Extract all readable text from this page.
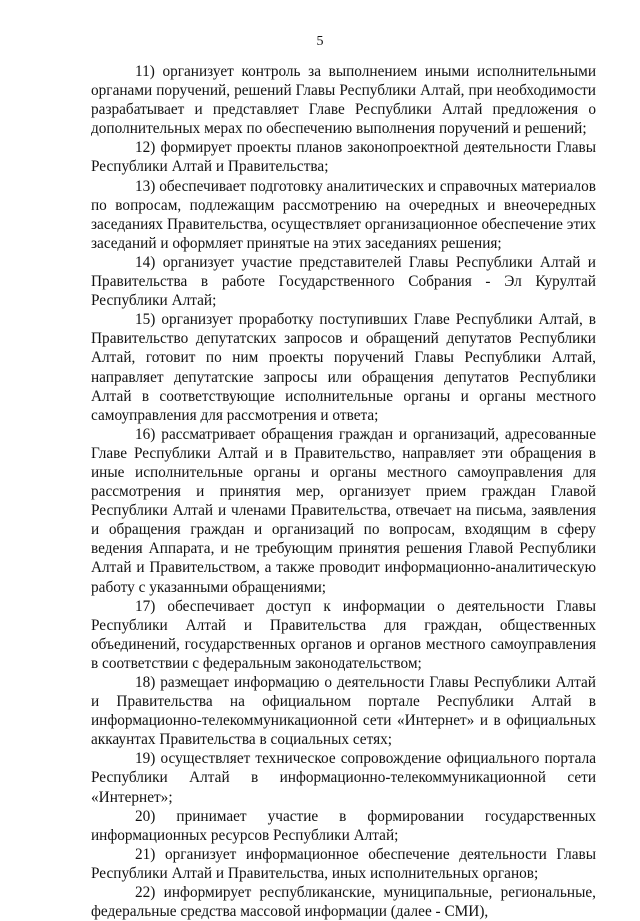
5

11) организует контроль за выполнением иными исполнительными органами поручений, решений Главы Республики Алтай, при необходимости разрабатывает и представляет Главе Республики Алтай предложения о дополнительных мерах по обеспечению выполнения поручений и решений;

12) формирует проекты планов законопроектной деятельности Главы Республики Алтай и Правительства;

13) обеспечивает подготовку аналитических и справочных материалов по вопросам, подлежащим рассмотрению на очередных и внеочередных заседаниях Правительства, осуществляет организационное обеспечение этих заседаний и оформляет принятые на этих заседаниях решения;

14) организует участие представителей Главы Республики Алтай и Правительства в работе Государственного Собрания - Эл Курултай Республики Алтай;

15) организует проработку поступивших Главе Республики Алтай, в Правительство депутатских запросов и обращений депутатов Республики Алтай, готовит по ним проекты поручений Главы Республики Алтай, направляет депутатские запросы или обращения депутатов Республики Алтай в соответствующие исполнительные органы и органы местного самоуправления для рассмотрения и ответа;

16) рассматривает обращения граждан и организаций, адресованные Главе Республики Алтай и в Правительство, направляет эти обращения в иные исполнительные органы и органы местного самоуправления для рассмотрения и принятия мер, организует прием граждан Главой Республики Алтай и членами Правительства, отвечает на письма, заявления и обращения граждан и организаций по вопросам, входящим в сферу ведения Аппарата, и не требующим принятия решения Главой Республики Алтай и Правительством, а также проводит информационно-аналитическую работу с указанными обращениями;

17) обеспечивает доступ к информации о деятельности Главы Республики Алтай и Правительства для граждан, общественных объединений, государственных органов и органов местного самоуправления в соответствии с федеральным законодательством;

18) размещает информацию о деятельности Главы Республики Алтай и Правительства на официальном портале Республики Алтай в информационно-телекоммуникационной сети «Интернет» и в официальных аккаунтах Правительства в социальных сетях;

19) осуществляет техническое сопровождение официального портала Республики Алтай в информационно-телекоммуникационной сети «Интернет»;

20) принимает участие в формировании государственных информационных ресурсов Республики Алтай;

21) организует информационное обеспечение деятельности Главы Республики Алтай и Правительства, иных исполнительных органов;

22) информирует республиканские, муниципальные, региональные, федеральные средства массовой информации (далее - СМИ),
